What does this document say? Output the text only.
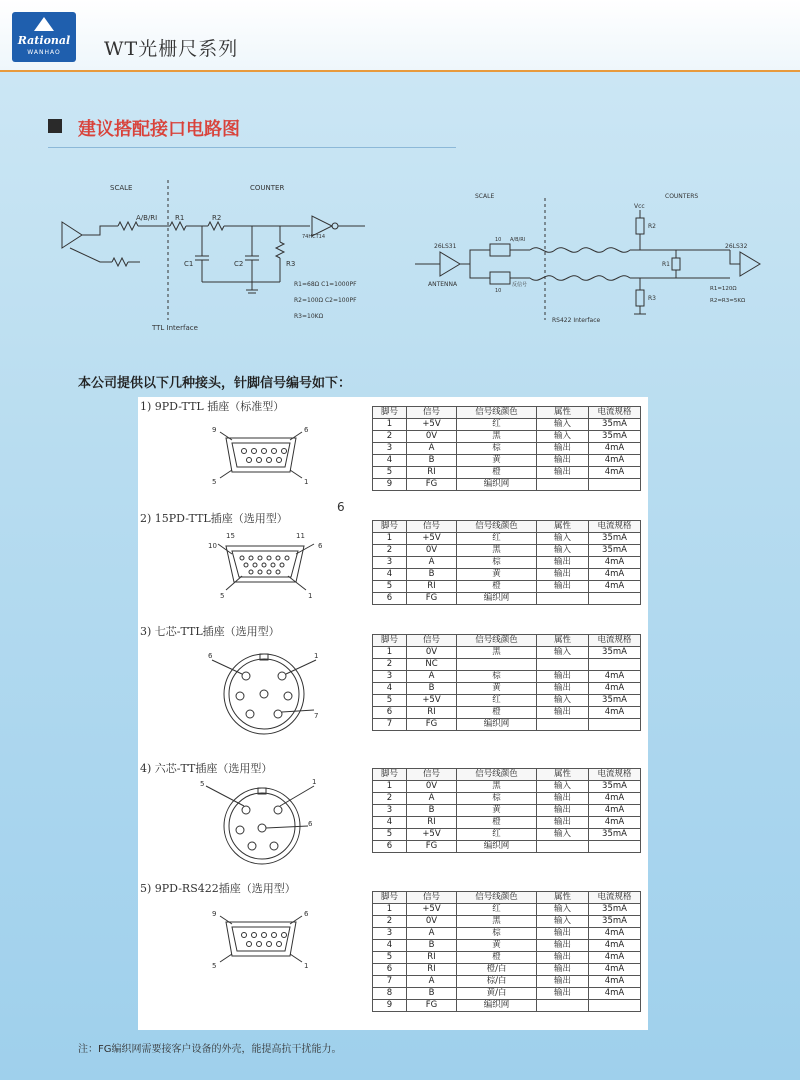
Rational
WANHAO	WT光栅尺系列
建议搭配接口电路图
SCALE	COUNTER
A/B/RI	R1	R2
C1	C2	R3
74HCT14
R1=68Ω C1=1000PF
R2=100Ω C2=100PF
R3=10KΩ
TTL Interface
SCALE	COUNTERS
Vcc
26LS31	26LS32
ANTENNA
10
10
A/B/RI
反信号
R2
R1
R3
R1=120Ω
R2=R3=5KΩ
RS422 Interface
本公司提供以下几种接头，针脚信号编号如下：
6
1) 9PD-TTL 插座（标准型）
9	6
5	1
脚号	信号	信号线颜色	属性	电流规格
1	+5V	红	输入	35mA
2	0V	黑	输入	35mA
3	A	棕	输出	4mA
4	B	黄	输出	4mA
5	RI	橙	输出	4mA
9	FG	编织网		
2) 15PD-TTL插座（选用型）
15	11
10	6
5	1
脚号	信号	信号线颜色	属性	电流规格
1	+5V	红	输入	35mA
2	0V	黑	输入	35mA
3	A	棕	输出	4mA
4	B	黄	输出	4mA
5	RI	橙	输出	4mA
6	FG	编织网		
3) 七芯-TTL插座（选用型）
6	1
7
脚号	信号	信号线颜色	属性	电流规格
1	0V	黑	输入	35mA
2	NC			
3	A	棕	输出	4mA
4	B	黄	输出	4mA
5	+5V	红	输入	35mA
6	RI	橙	输出	4mA
7	FG	编织网		
4) 六芯-TT插座（选用型）
5	1
6
脚号	信号	信号线颜色	属性	电流规格
1	0V	黑	输入	35mA
2	A	棕	输出	4mA
3	B	黄	输出	4mA
4	RI	橙	输出	4mA
5	+5V	红	输入	35mA
6	FG	编织网		
5) 9PD-RS422插座（选用型）
9	6
5	1
脚号	信号	信号线颜色	属性	电流规格
1	+5V	红	输入	35mA
2	0V	黑	输入	35mA
3	A	棕	输出	4mA
4	B	黄	输出	4mA
5	RI	橙	输出	4mA
6	RI	橙/白	输出	4mA
7	A	棕/白	输出	4mA
8	B	黄/白	输出	4mA
9	FG	编织网		
注：FG编织网需要接客户设备的外壳，能提高抗干扰能力。
